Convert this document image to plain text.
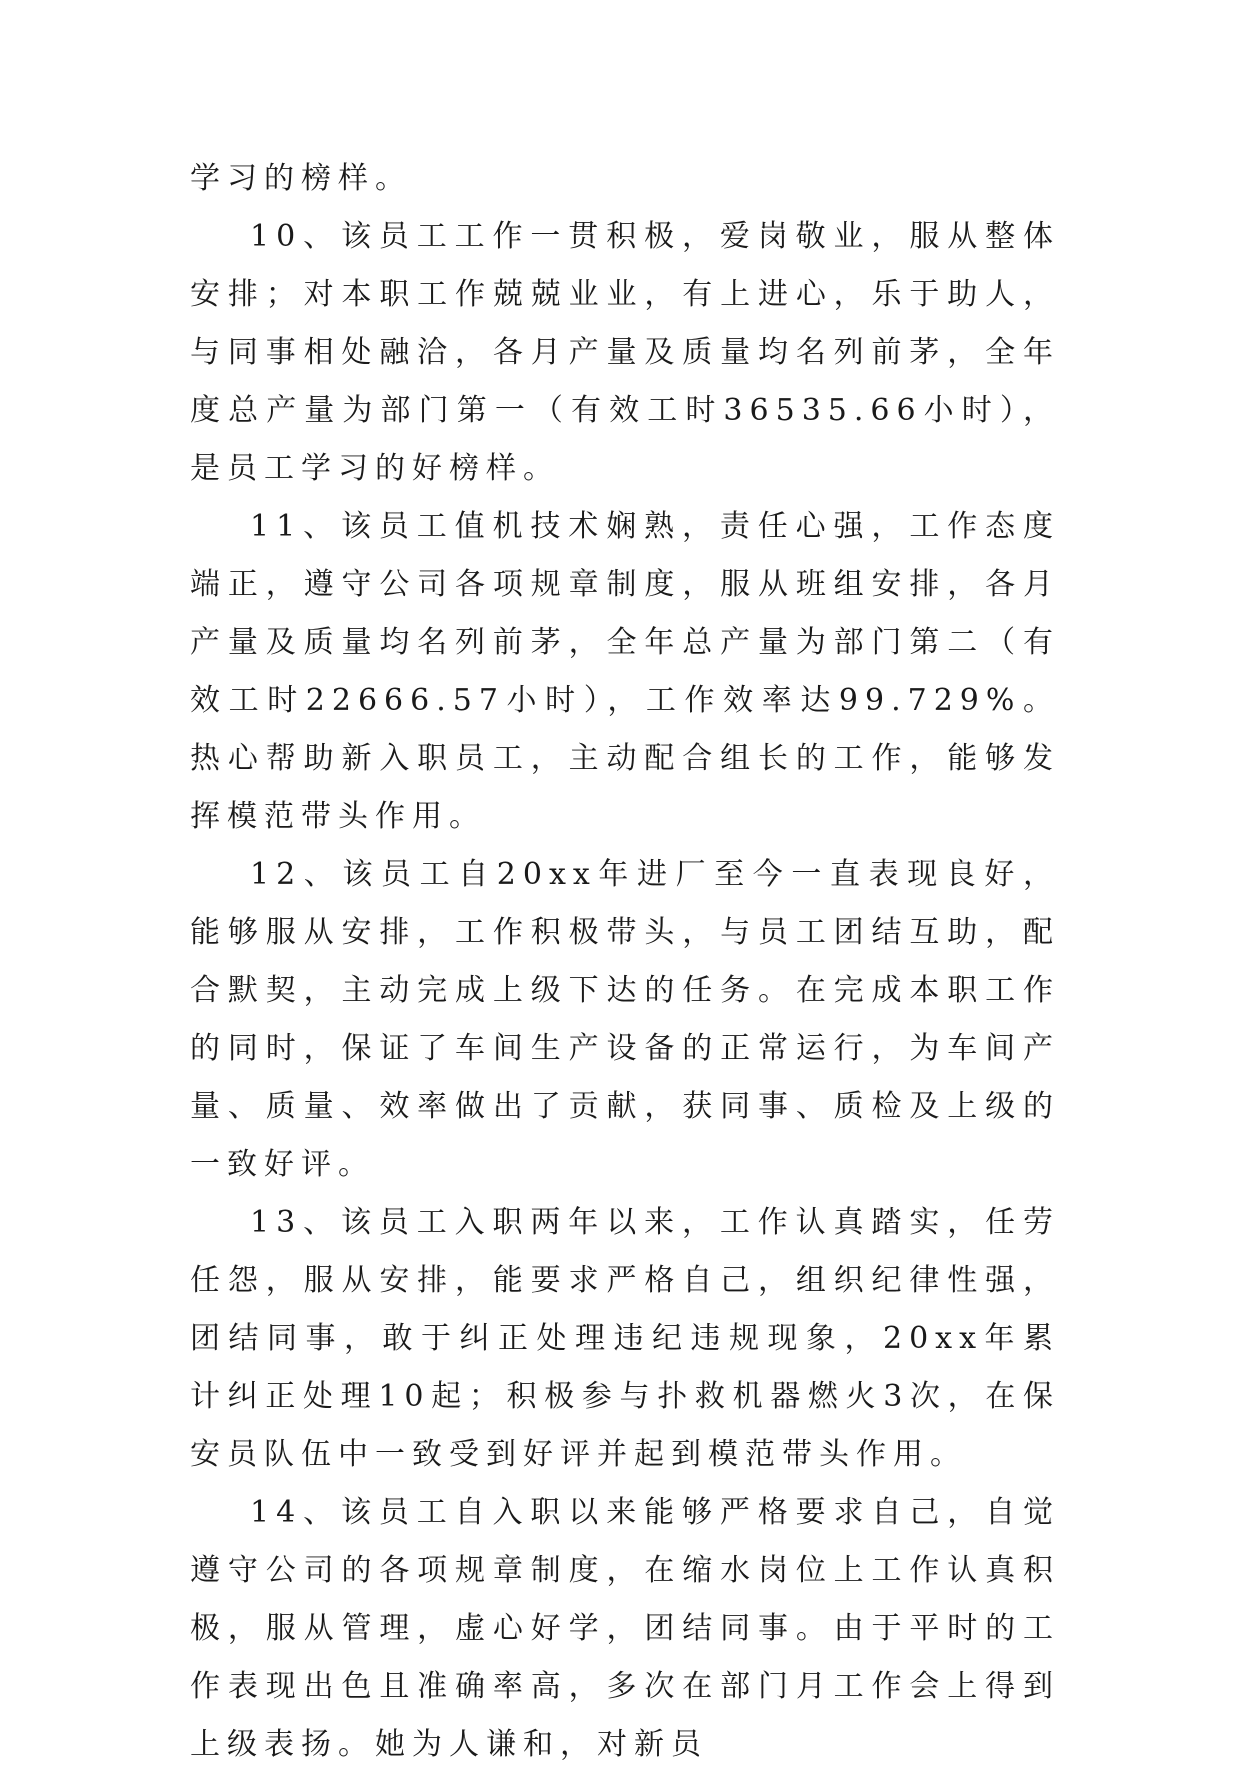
学习的榜样。

10、该员工工作一贯积极，爱岗敬业，服从整体安排；对本职工作兢兢业业，有上进心，乐于助人，与同事相处融洽，各月产量及质量均名列前茅，全年度总产量为部门第一（有效工时36535.66小时），是员工学习的好榜样。

11、该员工值机技术娴熟，责任心强，工作态度端正，遵守公司各项规章制度，服从班组安排，各月产量及质量均名列前茅，全年总产量为部门第二（有效工时22666.57小时），工作效率达99.729%。热心帮助新入职员工，主动配合组长的工作，能够发挥模范带头作用。

12、该员工自20xx年进厂至今一直表现良好，能够服从安排，工作积极带头，与员工团结互助，配合默契，主动完成上级下达的任务。在完成本职工作的同时，保证了车间生产设备的正常运行，为车间产量、质量、效率做出了贡献，获同事、质检及上级的一致好评。

13、该员工入职两年以来，工作认真踏实，任劳任怨，服从安排，能要求严格自己，组织纪律性强，团结同事，敢于纠正处理违纪违规现象，20xx年累计纠正处理10起；积极参与扑救机器燃火3次，在保安员队伍中一致受到好评并起到模范带头作用。

14、该员工自入职以来能够严格要求自己，自觉遵守公司的各项规章制度，在缩水岗位上工作认真积极，服从管理，虚心好学，团结同事。由于平时的工作表现出色且准确率高，多次在部门月工作会上得到上级表扬。她为人谦和，对新员
